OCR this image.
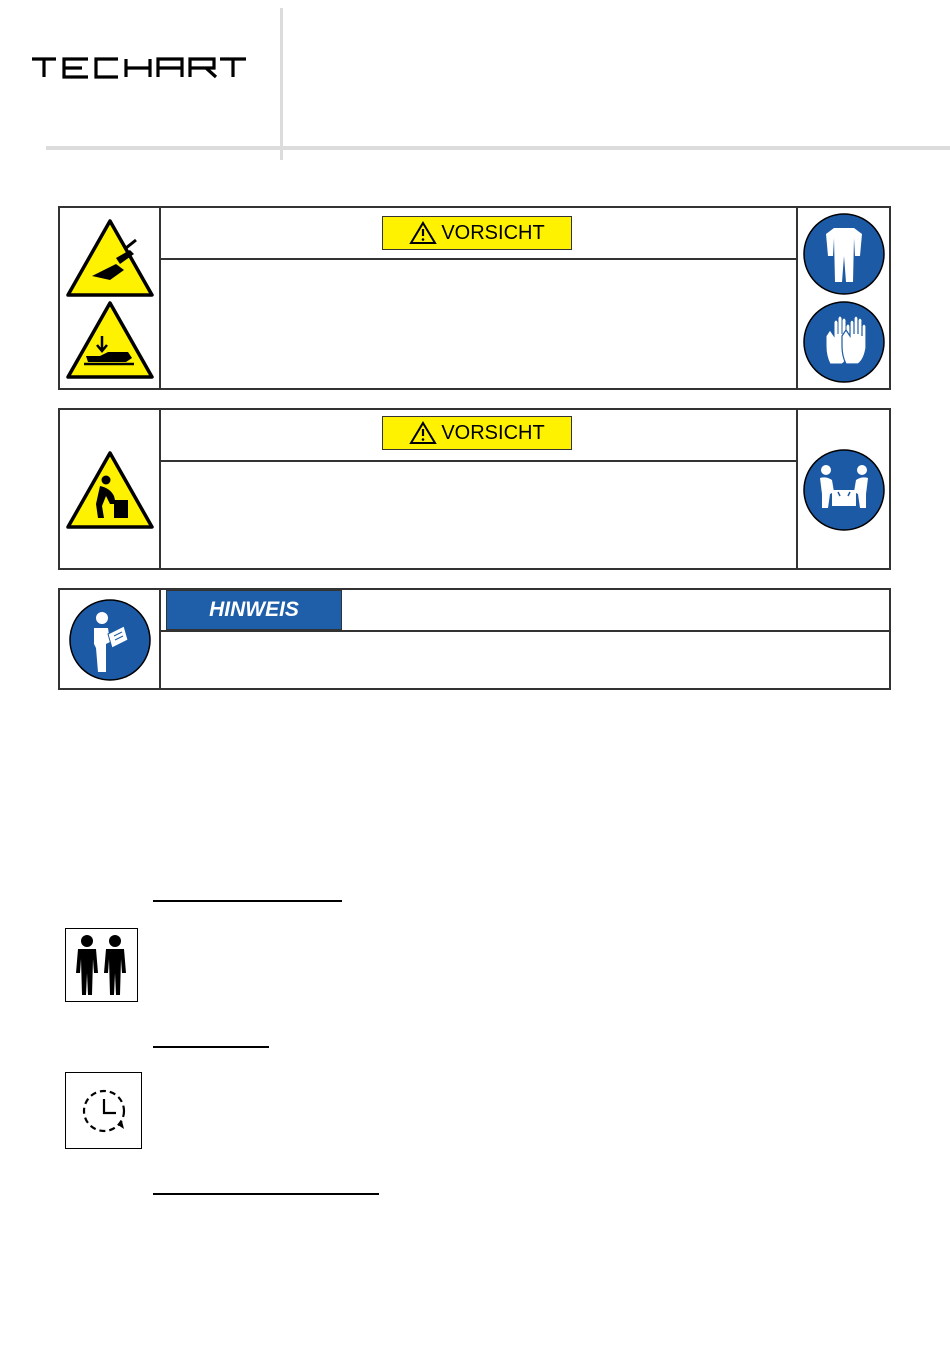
VORSICHT
VORSICHT
HINWEIS
